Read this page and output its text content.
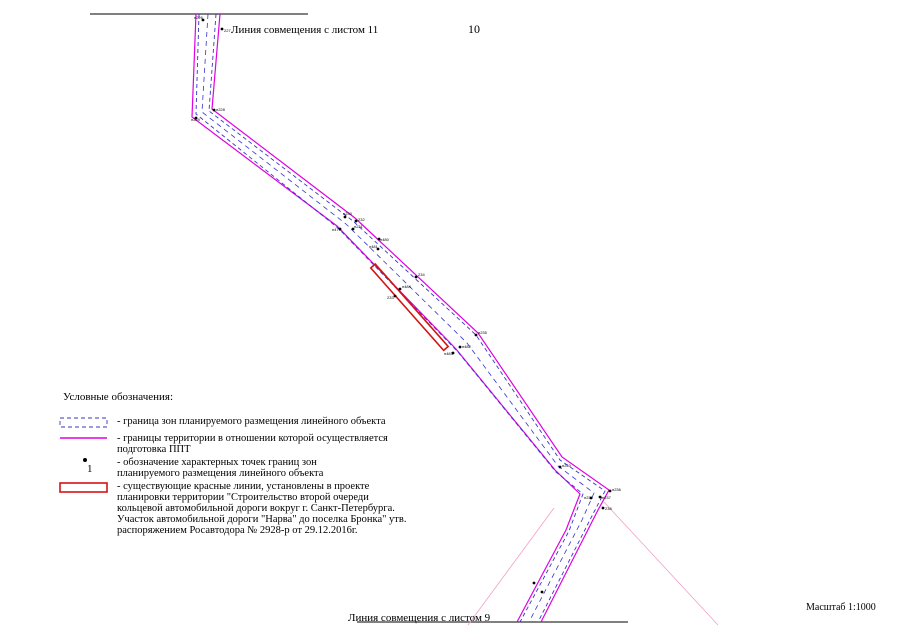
н226
227
н228
н229
н230
н231
232
н479
н480
н481
н482
н483
н484
233
234
н235
н236
н237
238
н239
н240
Линия совмещения с листом 11	10
Линия совмещения с листом 9
Масштаб 1:1000
Условные обозначения:
- граница зон планируемого размещения линейного объекта
- границы территории в отношении которой осуществляется
подготовка ППТ
1
- обозначение характерных точек границ зон
планируемого размещения линейного объекта
- существующие красные линии, установлены в проекте
планировки территории "Строительство второй очереди
кольцевой автомобильной дороги вокруг г. Санкт-Петербурга.
Участок автомобильной дороги "Нарва" до поселка Бронка" утв.
распоряжением Росавтодора № 2928-р от 29.12.2016г.
